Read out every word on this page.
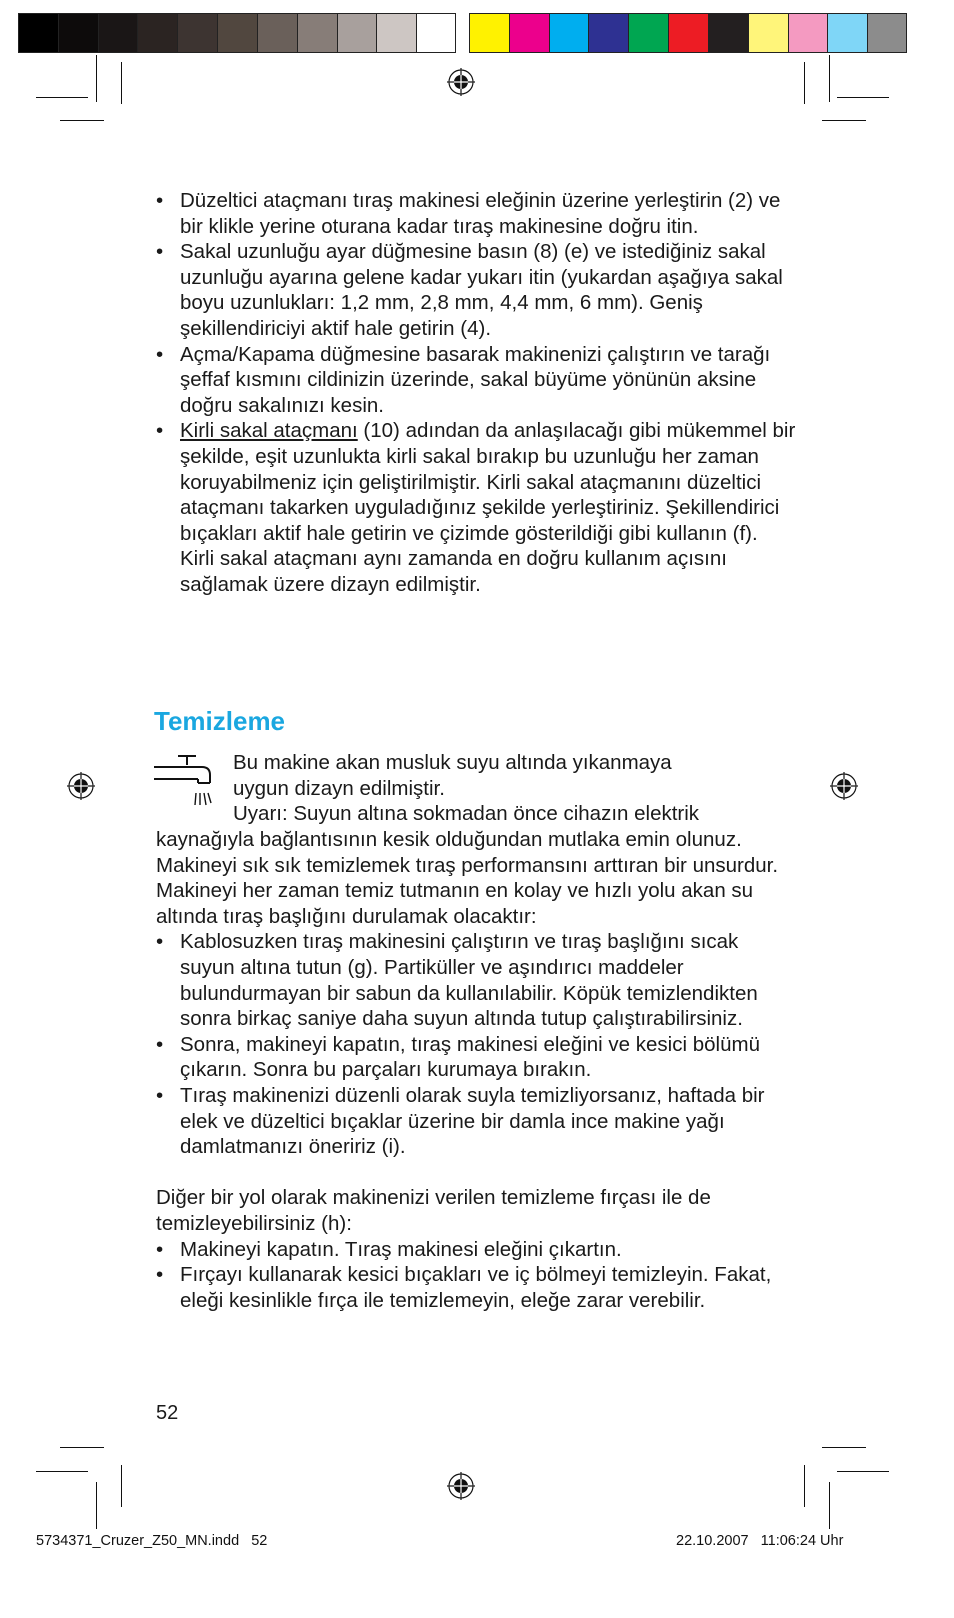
• Düzeltici ataçmanı tıraş makinesi eleğinin üzerine yerleştirin (2) ve bir klikle yerine oturana kadar tıraş makinesine doğru itin.
• Sakal uzunluğu ayar düğmesine basın (8) (e) ve istediğiniz sakal uzunluğu ayarına gelene kadar yukarı itin (yukardan aşağıya sakal boyu uzunlukları: 1,2 mm, 2,8 mm, 4,4 mm, 6 mm). Geniş şekillendiriciyi aktif hale getirin (4).
• Açma/Kapama düğmesine basarak makinenizi çalıştırın ve tarağı şeffaf kısmını cildinizin üzerinde, sakal büyüme yönünün aksine doğru sakalınızı kesin.
• Kirli sakal ataçmanı (10) adından da anlaşılacağı gibi mükemmel bir şekilde, eşit uzunlukta kirli sakal bırakıp bu uzunluğu her zaman koruyabilmeniz için geliştirilmiştir. Kirli sakal ataçmanını düzeltici ataçmanı takarken uyguladığınız şekilde yerleştiriniz. Şekillendirici bıçakları aktif hale getirin ve çizimde gösterildiği gibi kullanın (f). Kirli sakal ataçmanı aynı zamanda en doğru kullanım açısını sağlamak üzere dizayn edilmiştir.
Temizleme

Bu makine akan musluk suyu altında yıkanmaya

uygun dizayn edilmiştir.

Uyarı: Suyun altına sokmadan önce cihazın elektrik

kaynağıyla bağlantısının kesik olduğundan mutlaka emin olunuz. Makineyi sık sık temizlemek tıraş performansını arttıran bir unsurdur. Makineyi her zaman temiz tutmanın en kolay ve hızlı yolu akan su altında tıraş başlığını durulamak olacaktır:

• Kablosuzken tıraş makinesini çalıştırın ve tıraş başlığını sıcak suyun altına tutun (g). Partiküller ve aşındırıcı maddeler bulundurmayan bir sabun da kullanılabilir. Köpük temizlendikten sonra birkaç saniye daha suyun altında tutup çalıştırabilirsiniz.
• Sonra, makineyi kapatın, tıraş makinesi eleğini ve kesici bölümü çıkarın. Sonra bu parçaları kurumaya bırakın.
• Tıraş makinenizi düzenli olarak suyla temizliyorsanız, haftada bir elek ve düzeltici bıçaklar üzerine bir damla ince makine yağı damlatmanızı öneririz (i).

Diğer bir yol olarak makinenizi verilen temizleme fırçası ile de temizleyebilirsiniz (h):

• Makineyi kapatın. Tıraş makinesi eleğini çıkartın.
• Fırçayı kullanarak kesici bıçakları ve iç bölmeyi temizleyin. Fakat, eleği kesinlikle fırça ile temizlemeyin, eleğe zarar verebilir.
52
5734371_Cruzer_Z50_MN.indd   52	22.10.2007   11:06:24 Uhr
